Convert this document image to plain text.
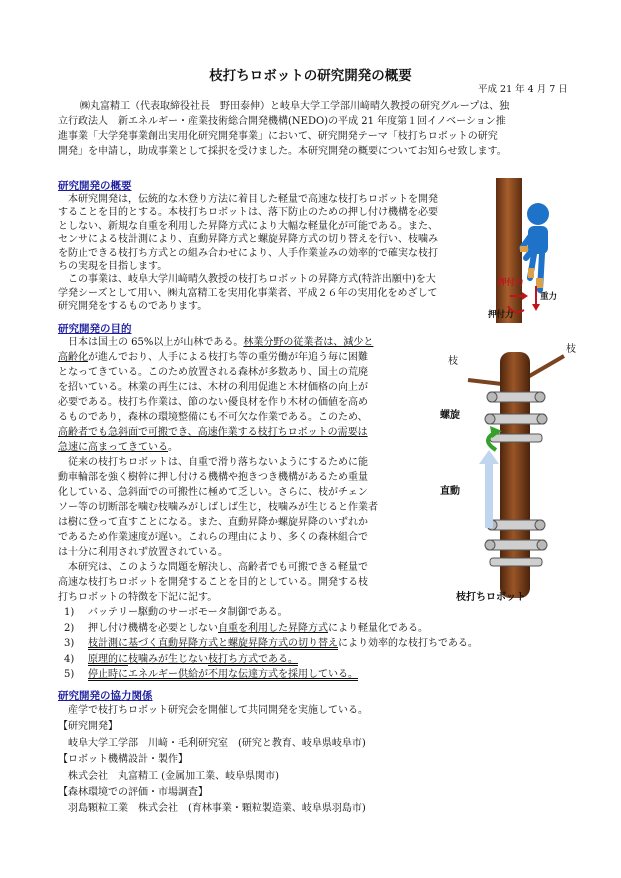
枝打ちロボットの研究開発の概要
平成 21 年 4 月 7 日
㈱丸富精工（代表取締役社長　野田泰伸）と岐阜大学工学部川﨑晴久教授の研究グループは、独
立行政法人　新エネルギー・産業技術総合開発機構(NEDO)の平成 21 年度第１回イノベーション推
進事業「大学発事業創出実用化研究開発事業」において、研究開発テーマ「枝打ちロボットの研究
開発」を申請し，助成事業として採択を受けました。本研究開発の概要についてお知らせ致します。
研究開発の概要
　本研究開発は，伝統的な木登り方法に着目した軽量で高速な枝打ちロボットを開発
することを目的とする。本枝打ちロボットは、落下防止のための押し付け機構を必要
としない、新規な自重を利用した昇降方式により大幅な軽量化が可能である。また、
センサによる枝計測により、直動昇降方式と螺旋昇降方式の切り替えを行い、枝噛み
を防止できる枝打ち方式との組み合わせにより、人手作業並みの効率的で確実な枝打
ちの実現を目指します。
　この事業は、岐阜大学川﨑晴久教授の枝打ちロボットの昇降方式(特許出願中)を大
学発シーズとして用い、㈱丸富精工を実用化事業者、平成２６年の実用化をめざして
研究開発をするものであります。
押付力
重力
押付力
研究開発の目的
　日本は国土の 65%以上が山林である。林業分野の従業者は、減少と
高齢化が進んでおり、人手による枝打ち等の重労働が年追う毎に困難
となってきている。このため放置される森林が多数あり、国土の荒廃
を招いている。林業の再生には、木材の利用促進と木材価格の向上が
必要である。枝打ち作業は、節のない優良材を作り木材の価値を高め
るものであり，森林の環境整備にも不可欠な作業である。このため、
高齢者でも急斜面で可搬でき、高速作業する枝打ちロボットの需要は
急速に高まってきている。
　従来の枝打ちロボットは、自重で滑り落ちないようにするために能
動車輪部を強く樹幹に押し付ける機構や抱きつき機構があるため重量
化している、急斜面での可搬性に極めて乏しい。さらに、枝がチェン
ソー等の切断部を噛む枝噛みがしばしば生じ，枝噛みが生じると作業者
は樹に登って直すことになる。また、直動昇降か螺旋昇降のいずれか
であるため作業速度が遅い。これらの理由により、多くの森林組合で
は十分に利用されず放置されている。
　本研究は、このような問題を解決し、高齢者でも可搬できる軽量で
高速な枝打ちロボットを開発することを目的としている。開発する枝
打ちロボットの特徴を下記に記す。
1) バッテリー駆動のサーボモータ制御である。
2) 押し付け機構を必要としない自重を利用した昇降方式により軽量化である。
3) 枝計測に基づく直動昇降方式と螺旋昇降方式の切り替えにより効率的な枝打ちである。
4) 原理的に枝噛みが生じない枝打ち方式である。
5) 停止時にエネルギー供給が不用な伝達方式を採用している。
枝
枝
螺旋
直動
枝打ちロボット
研究開発の協力関係
　産学で枝打ちロボット研究会を開催して共同開発を実施している。
【研究開発】
　岐阜大学工学部　川﨑・毛利研究室　(研究と教育、岐阜県岐阜市)
【ロボット機構設計・製作】
　株式会社　丸富精工 (金属加工業、岐阜県関市)
【森林環境での評価・市場調査】
　羽島顆粒工業　株式会社　(育林事業・顆粒製造業、岐阜県羽島市)
